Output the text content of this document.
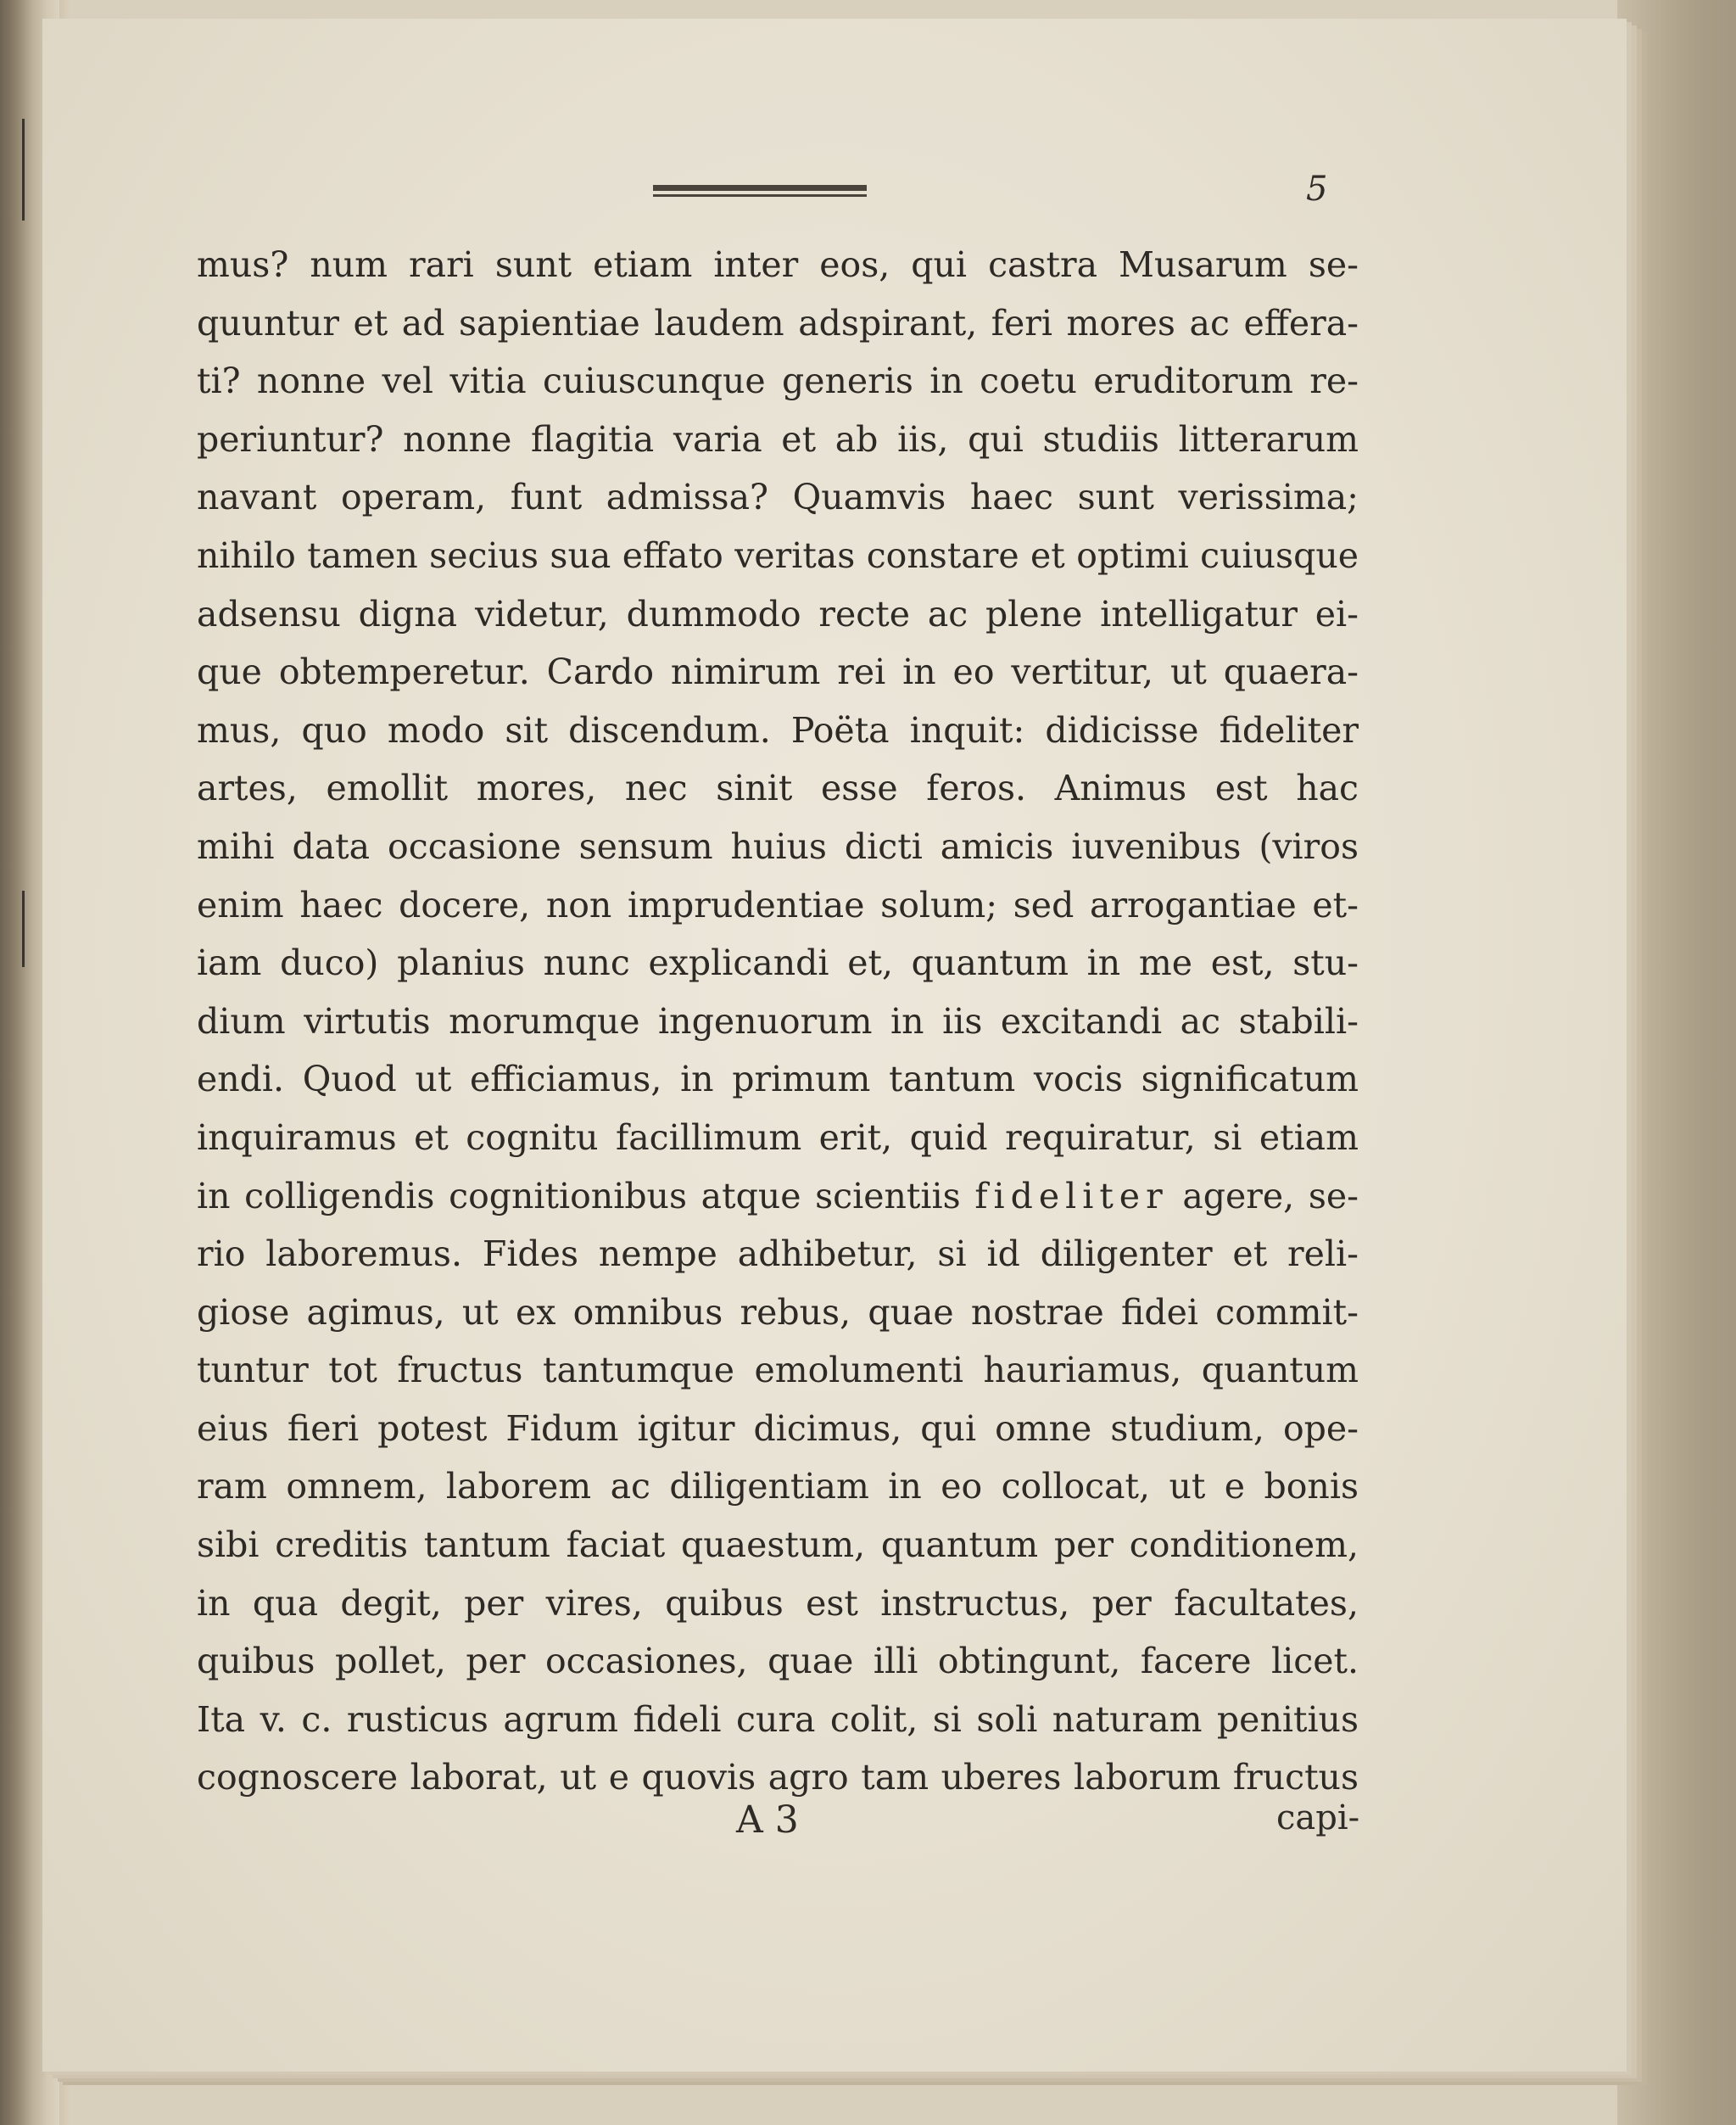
5
mus? num rari sunt etiam inter eos, qui castra Musarum se-
quuntur et ad sapientiae laudem adspirant, feri mores ac effera-
ti? nonne vel vitia cuiuscunque generis in coetu eruditorum re-
periuntur? nonne flagitia varia et ab iis, qui studiis litterarum
navant operam, funt admissa? Quamvis haec sunt verissima;
nihilo tamen secius sua effato veritas constare et optimi cuiusque
adsensu digna videtur, dummodo recte ac plene intelligatur ei-
que obtemperetur. Cardo nimirum rei in eo vertitur, ut quaera-
mus, quo modo sit discendum. Poëta inquit: didicisse fideliter
artes, emollit mores, nec sinit esse feros. Animus est hac
mihi data occasione sensum huius dicti amicis iuvenibus (viros
enim haec docere, non imprudentiae solum; sed arrogantiae et-
iam duco) planius nunc explicandi et, quantum in me est, stu-
dium virtutis morumque ingenuorum in iis excitandi ac stabili-
endi. Quod ut efficiamus, in primum tantum vocis significatum
inquiramus et cognitu facillimum erit, quid requiratur, si etiam
in colligendis cognitionibus atque scientiis fideliter agere, se-
rio laboremus. Fides nempe adhibetur, si id diligenter et reli-
giose agimus, ut ex omnibus rebus, quae nostrae fidei commit-
tuntur tot fructus tantumque emolumenti hauriamus, quantum
eius fieri potest Fidum igitur dicimus, qui omne studium, ope-
ram omnem, laborem ac diligentiam in eo collocat, ut e bonis
sibi creditis tantum faciat quaestum, quantum per conditionem,
in qua degit, per vires, quibus est instructus, per facultates,
quibus pollet, per occasiones, quae illi obtingunt, facere licet.
Ita v. c. rusticus agrum fideli cura colit, si soli naturam penitius
cognoscere laborat, ut e quovis agro tam uberes laborum fructus
A 3	capi-
